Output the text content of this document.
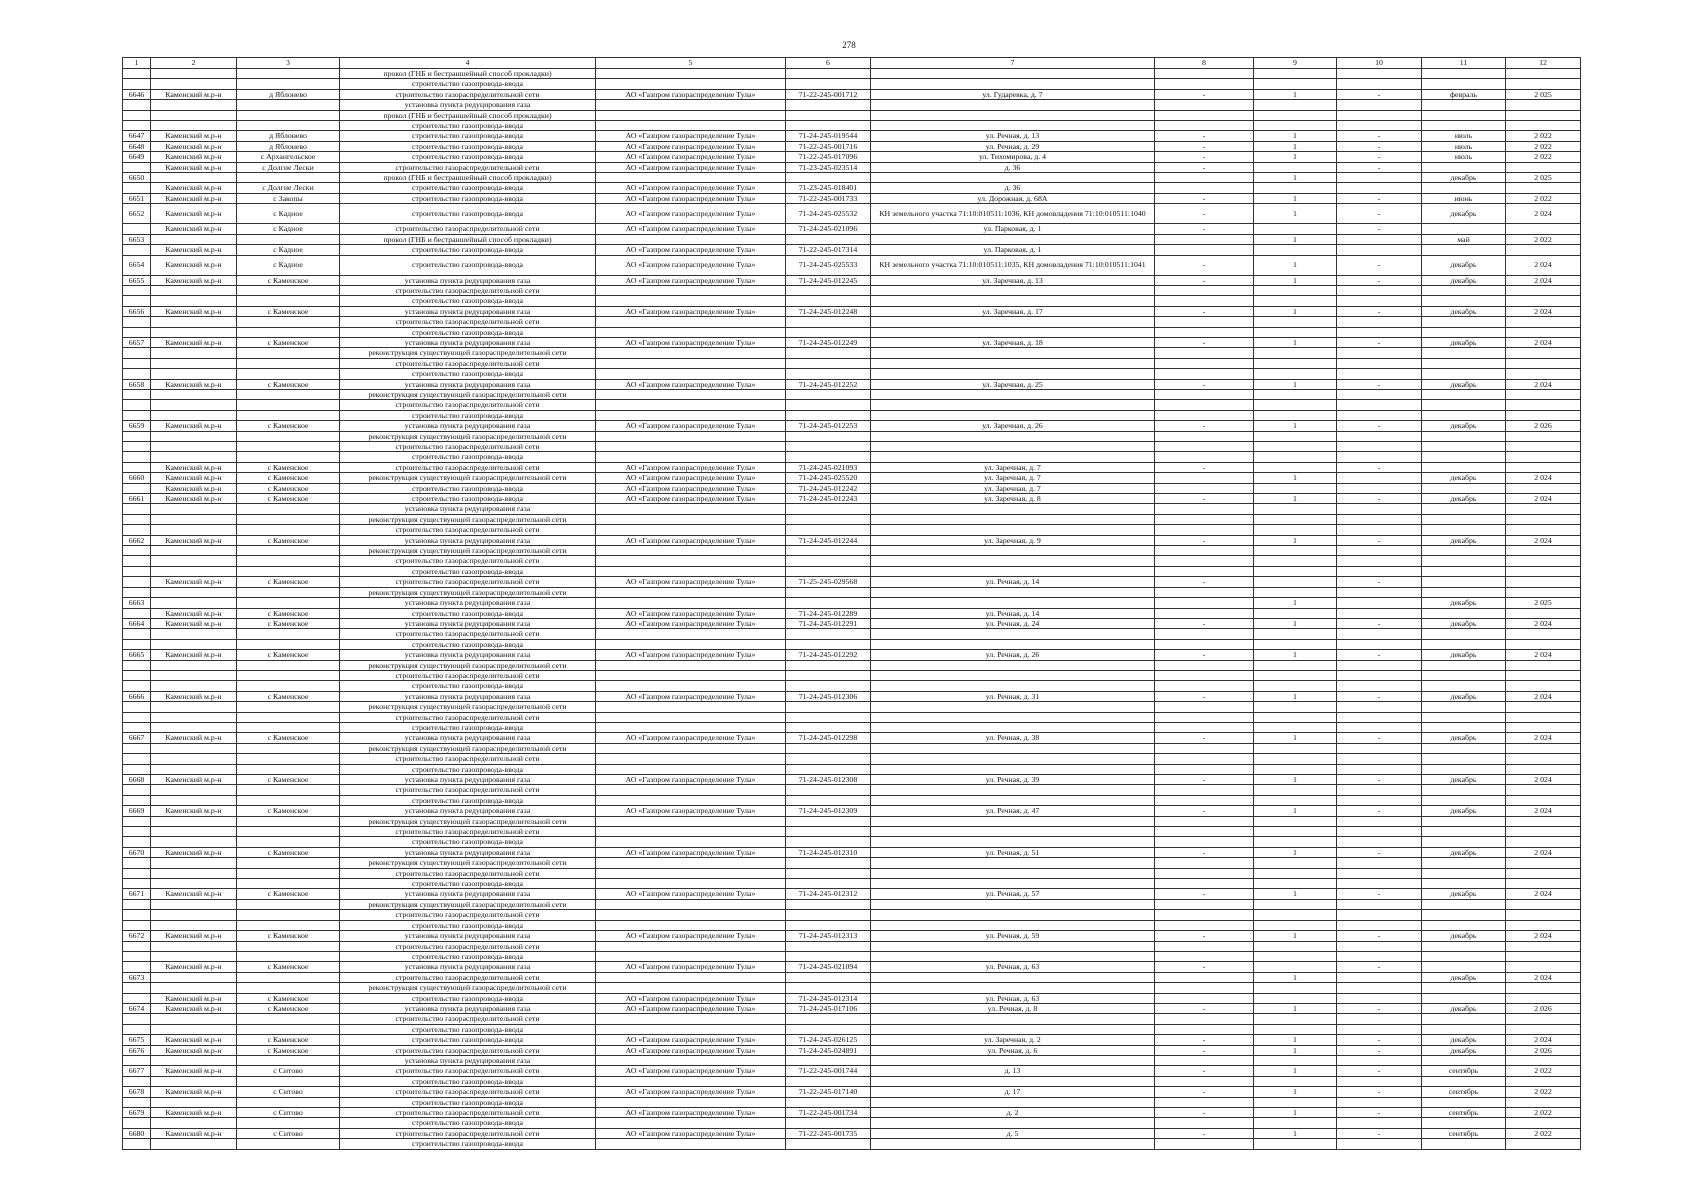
278
1	2	3	4	5	6	7	8	9	10	11	12
			прокол (ГНБ и бестраншейный способ прокладки)								
			строительство газопровода-ввода								
6646	Каменский м.р-н	д Яблонево	строительство газораспределительной сети	АО «Газпром газораспределение Тула»	71-22-245-001712	ул. Гударевка, д. 7	-	1	-	февраль	2 025
			установка пункта редуцирования газа								
			прокол (ГНБ и бестраншейный способ прокладки)								
			строительство газопровода-ввода								
6647	Каменский м.р-н	д Яблонево	строительство газопровода-ввода	АО «Газпром газораспределение Тула»	71-24-245-019544	ул. Речная, д. 13	-	1	-	июль	2 022
6648	Каменский м.р-н	д Яблонево	строительство газопровода-ввода	АО «Газпром газораспределение Тула»	71-22-245-001716	ул. Речная, д. 29	-	1	-	июль	2 022
6649	Каменский м.р-н	с Архангельское	строительство газопровода-ввода	АО «Газпром газораспределение Тула»	71-22-245-017096	ул. Тихомирова, д. 4	-	1	-	июль	2 022
	Каменский м.р-н	с Долгие Лески	строительство газораспределительной сети	АО «Газпром газораспределение Тула»	71-23-245-023514	д. 36	-		-		
6650			прокол (ГНБ и бестраншейный способ прокладки)					1		декабрь	2 025
	Каменский м.р-н	с Долгие Лески	строительство газопровода-ввода	АО «Газпром газораспределение Тула»	71-23-245-018401	д. 36					
6651	Каменский м.р-н	с Закопы	строительство газопровода-ввода	АО «Газпром газораспределение Тула»	71-22-245-001733	ул. Дорожная, д. 68А	-	1	-	июнь	2 022
6652	Каменский м.р-н	с Кадное	строительство газопровода-ввода	АО «Газпром газораспределение Тула»	71-24-245-025532	КН земельного участка 71:10:010511:1036, КН домовладения 71:10:010511:1040	-	1	-	декабрь	2 024
	Каменский м.р-н	с Кадное	строительство газораспределительной сети	АО «Газпром газораспределение Тула»	71-24-245-021096	ул. Парковая, д. 1	-		-		
6653			прокол (ГНБ и бестраншейный способ прокладки)					1		май	2 022
	Каменский м.р-н	с Кадное	строительство газопровода-ввода	АО «Газпром газораспределение Тула»	71-22-245-017314	ул. Парковая, д. 1					
6654	Каменский м.р-н	с Кадное	строительство газопровода-ввода	АО «Газпром газораспределение Тула»	71-24-245-025533	КН земельного участка 71:10:010511:1035, КН домовладения 71:10:010511:1041	-	1	-	декабрь	2 024
6655	Каменский м.р-н	с Каменское	установка пункта редуцирования газа	АО «Газпром газораспределение Тула»	71-24-245-012245	ул. Заречная, д. 13	-	1	-	декабрь	2 024
			строительство газораспределительной сети								
			строительство газопровода-ввода								
6656	Каменский м.р-н	с Каменское	установка пункта редуцирования газа	АО «Газпром газораспределение Тула»	71-24-245-012248	ул. Заречная, д. 17	-	1	-	декабрь	2 024
			строительство газораспределительной сети								
			строительство газопровода-ввода								
6657	Каменский м.р-н	с Каменское	установка пункта редуцирования газа	АО «Газпром газораспределение Тула»	71-24-245-012249	ул. Заречная, д. 18	-	1	-	декабрь	2 024
			реконструкция существующей газораспределительной сети								
			строительство газораспределительной сети								
			строительство газопровода-ввода								
6658	Каменский м.р-н	с Каменское	установка пункта редуцирования газа	АО «Газпром газораспределение Тула»	71-24-245-012252	ул. Заречная, д. 25	-	1	-	декабрь	2 024
			реконструкция существующей газораспределительной сети								
			строительство газораспределительной сети								
			строительство газопровода-ввода								
6659	Каменский м.р-н	с Каменское	установка пункта редуцирования газа	АО «Газпром газораспределение Тула»	71-24-245-012253	ул. Заречная, д. 26	-	1	-	декабрь	2 026
			реконструкция существующей газораспределительной сети								
			строительство газораспределительной сети								
			строительство газопровода-ввода								
	Каменский м.р-н	с Каменское	строительство газораспределительной сети	АО «Газпром газораспределение Тула»	71-24-245-021093	ул. Заречная, д. 7	-		-		
6660	Каменский м.р-н	с Каменское	реконструкция существующей газораспределительной сети	АО «Газпром газораспределение Тула»	71-24-245-025520	ул. Заречная, д. 7		1		декабрь	2 024
	Каменский м.р-н	с Каменское	строительство газопровода-ввода	АО «Газпром газораспределение Тула»	71-24-245-012242	ул. Заречная, д. 7					
6661	Каменский м.р-н	с Каменское	строительство газопровода-ввода	АО «Газпром газораспределение Тула»	71-24-245-012243	ул. Заречная, д. 8	-	1	-	декабрь	2 024
			установка пункта редуцирования газа								
			реконструкция существующей газораспределительной сети								
			строительство газораспределительной сети								
6662	Каменский м.р-н	с Каменское	установка пункта редуцирования газа	АО «Газпром газораспределение Тула»	71-24-245-012244	ул. Заречная, д. 9	-	1	-	декабрь	2 024
			реконструкция существующей газораспределительной сети								
			строительство газораспределительной сети								
			строительство газопровода-ввода								
	Каменский м.р-н	с Каменское	строительство газораспределительной сети	АО «Газпром газораспределение Тула»	71-25-245-029568	ул. Речная, д. 14	-		-		
			реконструкция существующей газораспределительной сети								
6663			установка пункта редуцирования газа					1		декабрь	2 025
	Каменский м.р-н	с Каменское	строительство газопровода-ввода	АО «Газпром газораспределение Тула»	71-24-245-012289	ул. Речная, д. 14					
6664	Каменский м.р-н	с Каменское	установка пункта редуцирования газа	АО «Газпром газораспределение Тула»	71-24-245-012291	ул. Речная, д. 24	-	1	-	декабрь	2 024
			строительство газораспределительной сети								
			строительство газопровода-ввода								
6665	Каменский м.р-н	с Каменское	установка пункта редуцирования газа	АО «Газпром газораспределение Тула»	71-24-245-012292	ул. Речная, д. 26	-	1	-	декабрь	2 024
			реконструкция существующей газораспределительной сети								
			строительство газораспределительной сети								
			строительство газопровода-ввода								
6666	Каменский м.р-н	с Каменское	установка пункта редуцирования газа	АО «Газпром газораспределение Тула»	71-24-245-012306	ул. Речная, д. 31	-	1	-	декабрь	2 024
			реконструкция существующей газораспределительной сети								
			строительство газораспределительной сети								
			строительство газопровода-ввода								
6667	Каменский м.р-н	с Каменское	установка пункта редуцирования газа	АО «Газпром газораспределение Тула»	71-24-245-012298	ул. Речная, д. 38	-	1	-	декабрь	2 024
			реконструкция существующей газораспределительной сети								
			строительство газораспределительной сети								
			строительство газопровода-ввода								
6668	Каменский м.р-н	с Каменское	установка пункта редуцирования газа	АО «Газпром газораспределение Тула»	71-24-245-012308	ул. Речная, д. 39	-	1	-	декабрь	2 024
			строительство газораспределительной сети								
			строительство газопровода-ввода								
6669	Каменский м.р-н	с Каменское	установка пункта редуцирования газа	АО «Газпром газораспределение Тула»	71-24-245-012309	ул. Речная, д. 47	-	1	-	декабрь	2 024
			реконструкция существующей газораспределительной сети								
			строительство газораспределительной сети								
			строительство газопровода-ввода								
6670	Каменский м.р-н	с Каменское	установка пункта редуцирования газа	АО «Газпром газораспределение Тула»	71-24-245-012310	ул. Речная, д. 51	-	1	-	декабрь	2 024
			реконструкция существующей газораспределительной сети								
			строительство газораспределительной сети								
			строительство газопровода-ввода								
6671	Каменский м.р-н	с Каменское	установка пункта редуцирования газа	АО «Газпром газораспределение Тула»	71-24-245-012312	ул. Речная, д. 57	-	1	-	декабрь	2 024
			реконструкция существующей газораспределительной сети								
			строительство газораспределительной сети								
			строительство газопровода-ввода								
6672	Каменский м.р-н	с Каменское	установка пункта редуцирования газа	АО «Газпром газораспределение Тула»	71-24-245-012313	ул. Речная, д. 59	-	1	-	декабрь	2 024
			строительство газораспределительной сети								
			строительство газопровода-ввода								
	Каменский м.р-н	с Каменское	установка пункта редуцирования газа	АО «Газпром газораспределение Тула»	71-24-245-021094	ул. Речная, д. 63	-		-		
6673			строительство газораспределительной сети					1		декабрь	2 024
			реконструкция существующей газораспределительной сети								
	Каменский м.р-н	с Каменское	строительство газопровода-ввода	АО «Газпром газораспределение Тула»	71-24-245-012314	ул. Речная, д. 63					
6674	Каменский м.р-н	с Каменское	установка пункта редуцирования газа	АО «Газпром газораспределение Тула»	71-24-245-017106	ул. Речная, д. 8	-	1	-	декабрь	2 026
			строительство газораспределительной сети								
			строительство газопровода-ввода								
6675	Каменский м.р-н	с Каменское	строительство газопровода-ввода	АО «Газпром газораспределение Тула»	71-24-245-026125	ул. Заречная, д. 2	-	1	-	декабрь	2 024
6676	Каменский м.р-н	с Каменское	строительство газораспределительной сети	АО «Газпром газораспределение Тула»	71-24-245-024891	ул. Речная, д. 6	-	1	-	декабрь	2 026
			установка пункта редуцирования газа								
6677	Каменский м.р-н	с Ситово	строительство газораспределительной сети	АО «Газпром газораспределение Тула»	71-22-245-001744	д. 13	-	1	-	сентябрь	2 022
			строительство газопровода-ввода								
6678	Каменский м.р-н	с Ситово	строительство газораспределительной сети	АО «Газпром газораспределение Тула»	71-22-245-017140	д. 17	-	1	-	сентябрь	2 022
			строительство газопровода-ввода								
6679	Каменский м.р-н	с Ситово	строительство газораспределительной сети	АО «Газпром газораспределение Тула»	71-22-245-001734	д. 2	-	1	-	сентябрь	2 022
			строительство газопровода-ввода								
6680	Каменский м.р-н	с Ситово	строительство газораспределительной сети	АО «Газпром газораспределение Тула»	71-22-245-001735	д. 5	-	1	-	сентябрь	2 022
			строительство газопровода-ввода								
